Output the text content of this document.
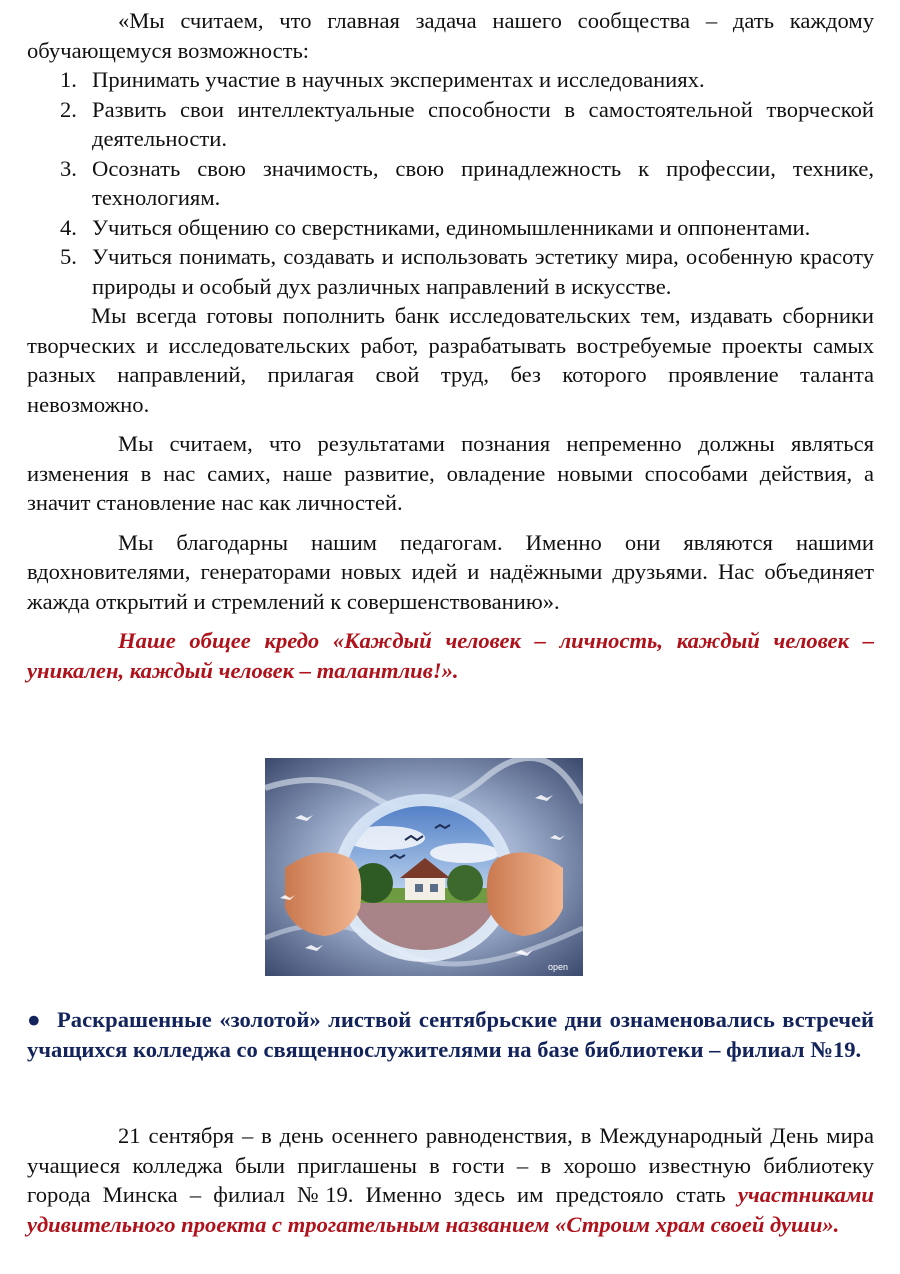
«Мы считаем, что главная задача нашего сообщества – дать каждому обучающемуся возможность:

1. Принимать участие в научных экспериментах и исследованиях.
2. Развить свои интеллектуальные способности в самостоятельной творческой деятельности.
3. Осознать свою значимость, свою принадлежность к профессии, технике, технологиям.
4. Учиться общению со сверстниками, единомышленниками и оппонентами.
5. Учиться понимать, создавать и использовать эстетику мира, особенную красоту природы и особый дух различных направлений в искусстве.

Мы всегда готовы пополнить банк исследовательских тем, издавать сборники творческих и исследовательских работ, разрабатывать востребуемые проекты самых разных направлений, прилагая свой труд, без которого проявление таланта невозможно.

Мы считаем, что результатами познания непременно должны являться изменения в нас самих, наше развитие, овладение новыми способами действия, а значит становление нас как личностей.

Мы благодарны нашим педагогам. Именно они являются нашими вдохновителями, генераторами новых идей и надёжными друзьями. Нас объединяет жажда открытий и стремлений к совершенствованию».

Наше общее кредо «Каждый человек – личность, каждый человек – уникален, каждый человек – талантлив!».

open
● Раскрашенные «золотой» листвой сентябрьские дни ознаменовались встречей учащихся колледжа со священнослужителями на базе библиотеки – филиал №19.

21 сентября – в день осеннего равноденствия, в Международный День мира учащиеся колледжа были приглашены в гости – в хорошо известную библиотеку города Минска – филиал №19. Именно здесь им предстояло стать участниками удивительного проекта с трогательным названием «Строим храм своей души».
